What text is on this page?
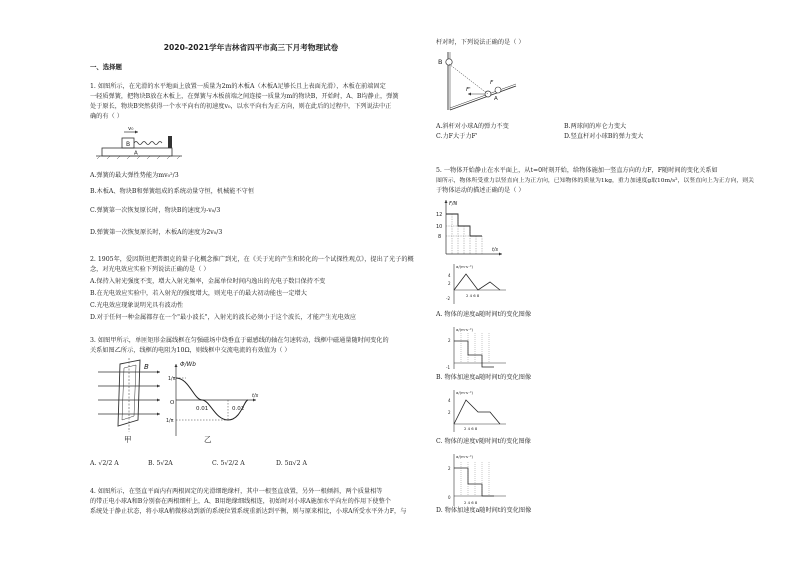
2020-2021学年吉林省四平市高三下月考物理试卷
一、选择题
1. 如图所示，在光滑的水平地面上放置一质量为2m的木板A（木板A足够长且上表面光滑），木板在前端固定
一轻质弹簧，把物块B放在木板上，在弹簧与木板前端之间连接一质量为m的物块B，开始时，A、B均静止，弹簧
处于原长，物块B突然获得一个水平向右的初速度v₀，以水平向右为正方向，则在此后的过程中，下列说法中正
确的有（ ）
v₀
B
A
A.弹簧的最大弹性势能为mv₀²/3
B.木板A、物块B和弹簧组成的系统动量守恒，机械能不守恒
C.弹簧第一次恢复原长时，物块B的速度为-v₀/3
D.弹簧第一次恢复原长时，木板A的速度为2v₀/3
2. 1905年，爱因斯坦把普朗克的量子化概念推广到光，在《关于光的产生和转化的一个试探性观点》，提出了光子的概
念，对光电效应实验下列说法正确的是（ ）
A.保持入射光强度不变，增大入射光频率，金属单位时间内逸出的光电子数目保持不变
B.在光电效应实验中，若入射光的强度增大，则光电子的最大初动能也一定增大
C.光电效应现象说明光具有波动性
D.对于任何一种金属都存在一个"最小波长"，入射光的波长必须小于这个波长，才能产生光电效应
3. 如图甲所示，单匝矩形金属线框在匀强磁场中绕垂直于磁感线的轴在匀速转动，线框中磁通量随时间变化的
关系如图乙所示，线框的电阻为10Ω，则线框中交流电流的有效值为（ ）
B
甲
Φ/Wb
1/π
1/π
O
0.01	0.02
t/s
乙
A. √2/2 A	B. 5√2A	C. 5√2/2 A	D. 5π√2 A
4. 如图所示，在竖直平面内有两根固定的光滑细绝缘杆，其中一根竖直放置，另外一根倾斜，两个质量相等
的带正电小球A和B分别套在两根细杆上，A、B用绝缘细线相连，初始时对小球A施加水平向左的作用下使整个
系统处于静止状态，将小球A稍微移动到新的系统位置系统重新达到平衡，则与原来相比，小球A所受水平外力F，与
杆对时，下列说法正确的是（ ）
B
F'
F
A
A.斜杆对小球A的弹力不变	B.两球间的库仑力变大
C.力F大于力F'	D.竖直杆对小球B的弹力变大
5. 一物体开始静止在水平面上，从t=0时刻开始，给物体施加一竖直方向的力F，F随时间的变化关系如
图所示，物体所受重力以竖直向上为正方向，已知物体的质量为1kg，重力加速度g取10m/s²，以竖直向上为正方向，则关
于物体运动的描述正确的是（ ）
F/N
12
10
8
t/s
a/(m·s⁻²)
4
2
-2
2 4 6 8
A. 物体的速度a随时间t的变化图像
a/(m·s⁻²)
2
-1
B. 物体加速度a随时间t的变化图像
a/(m·s⁻²)
4
2
2 4 6 8
C. 物体的速度v随时间t的变化图像
a/(m·s⁻²)
2
0
2 4 6 8
D. 物体加速度a随时间t的变化图像
